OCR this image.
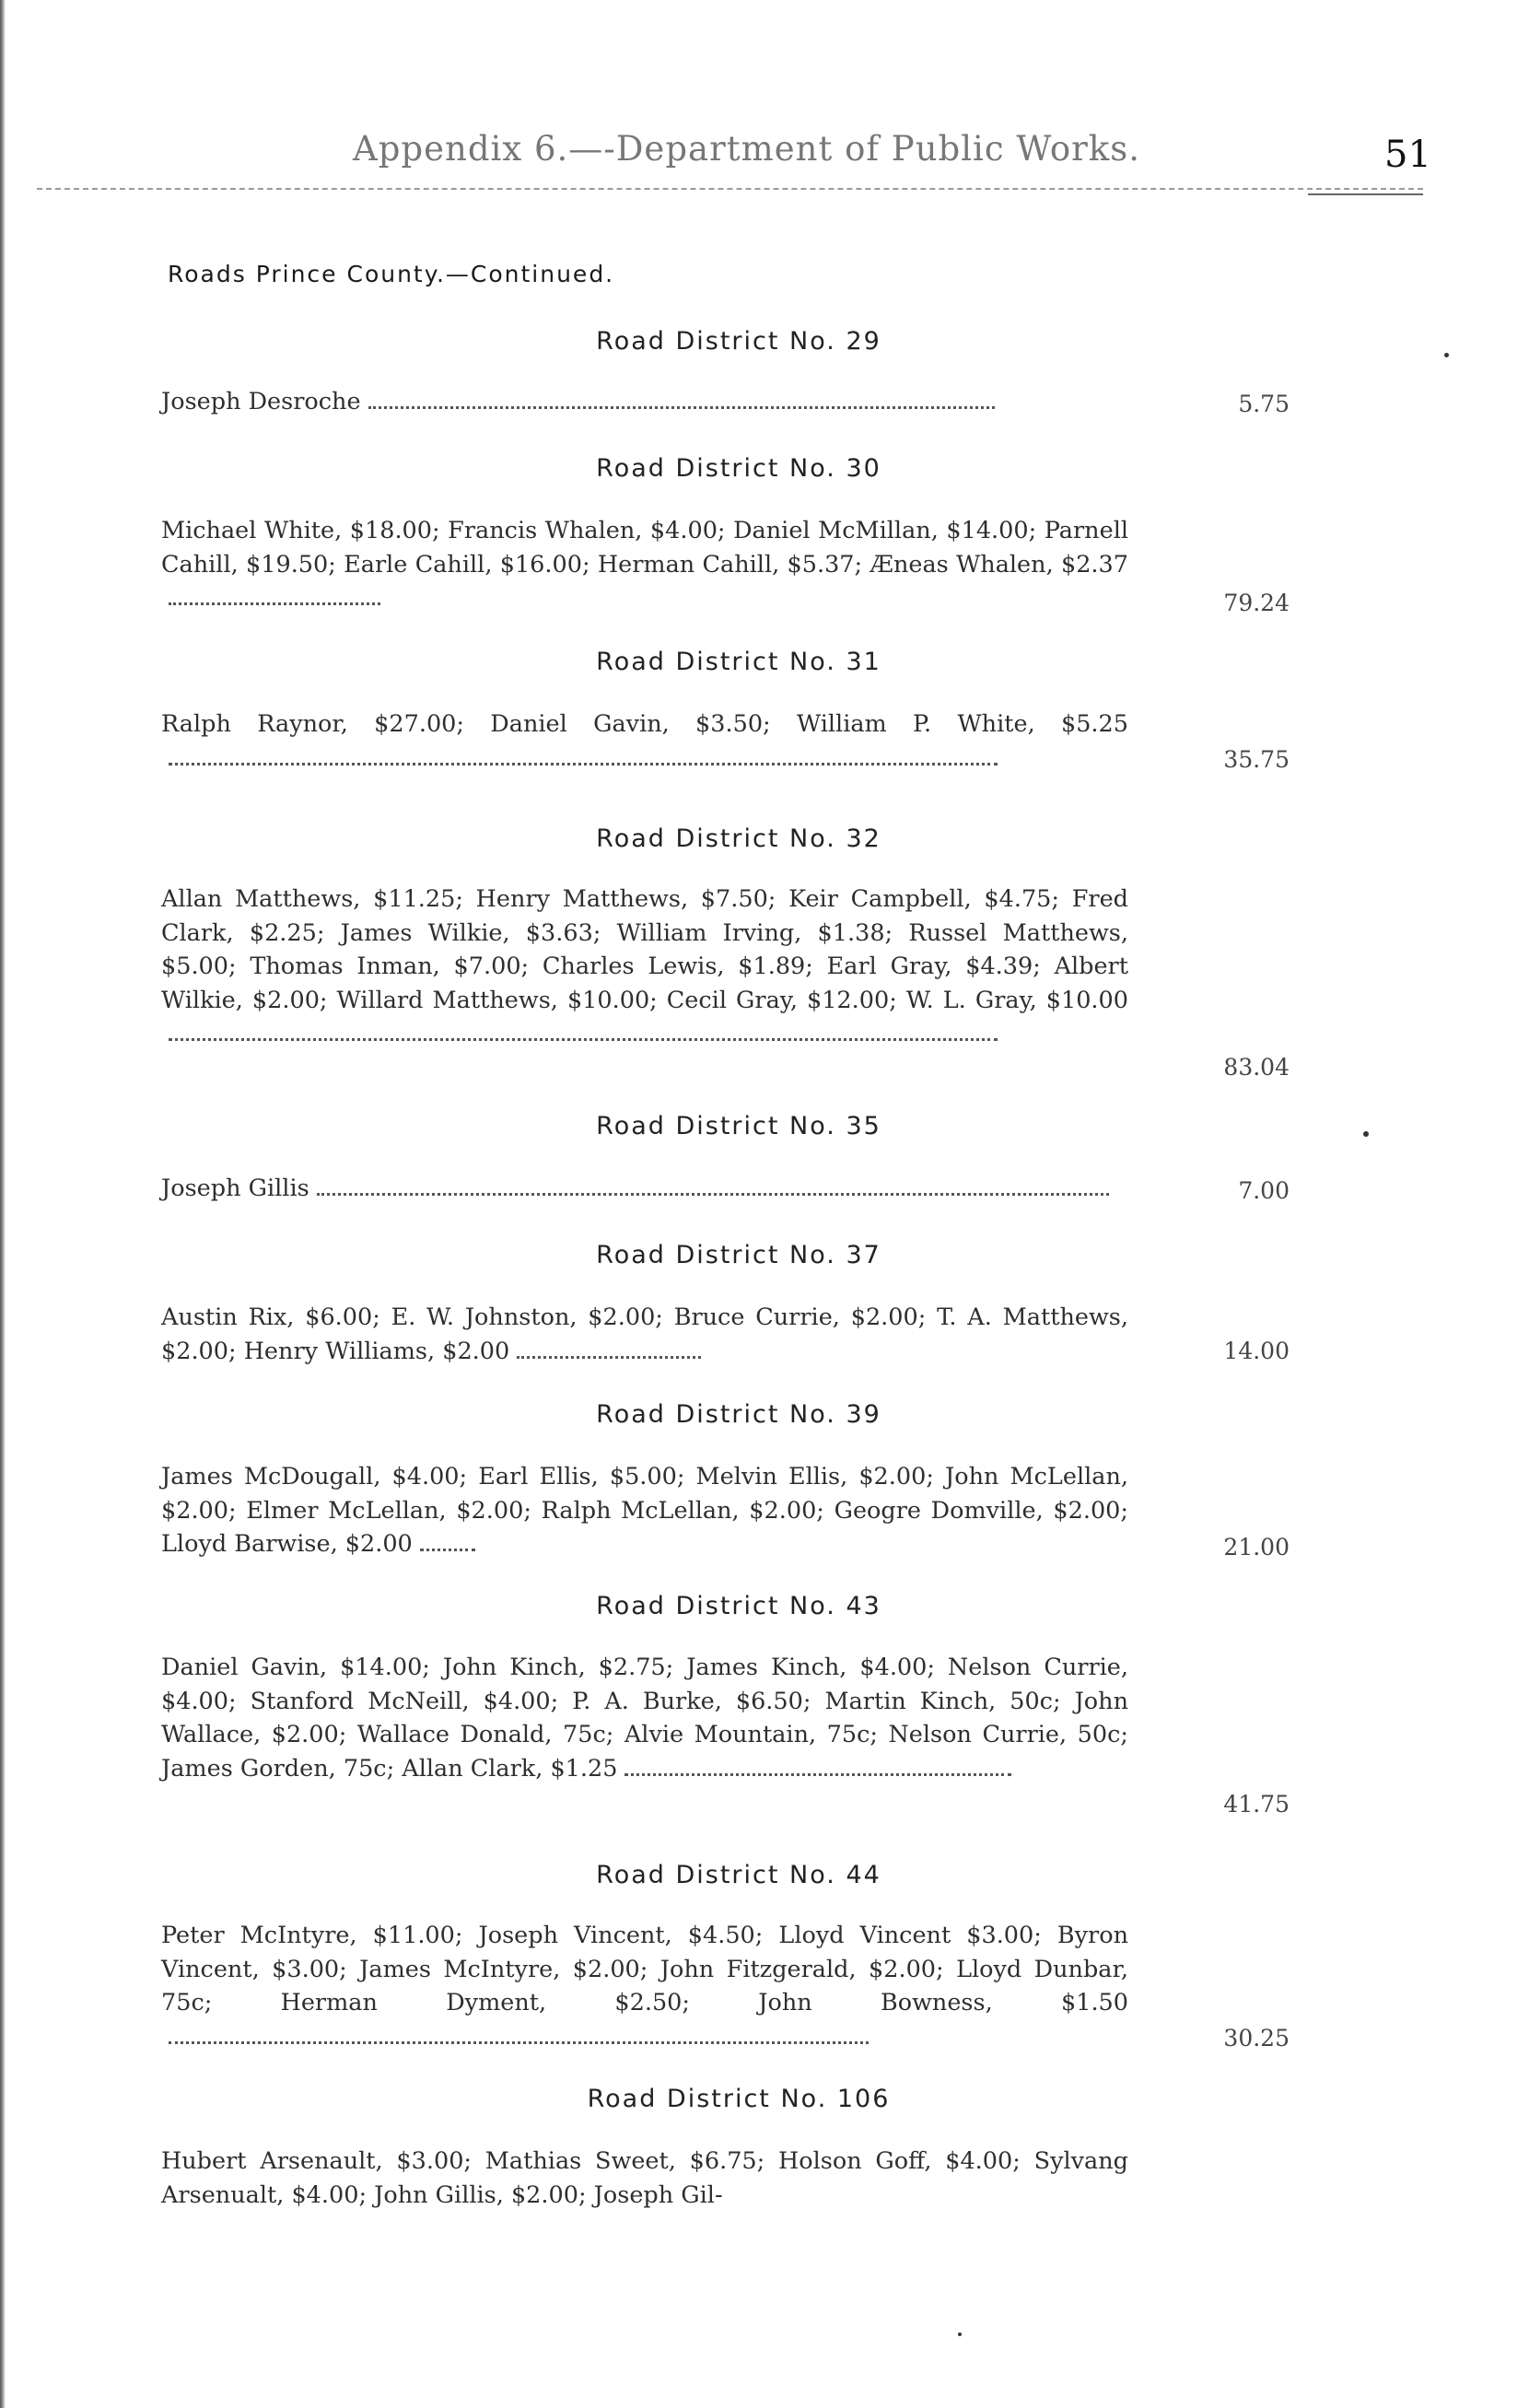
Appendix 6.—-Department of Public Works.	51
Roads Prince County.—Continued.
Road District No. 29
Joseph Desroche	5.75
Road District No. 30
Michael White, $18.00; Francis Whalen, $4.00; Daniel McMillan, $14.00; Parnell Cahill, $19.50; Earle Cahill, $16.00; Herman Cahill, $5.37; Æneas Whalen, $2.37
79.24
Road District No. 31
Ralph Raynor, $27.00; Daniel Gavin, $3.50; William P. White, $5.25
35.75
Road District No. 32
Allan Matthews, $11.25; Henry Matthews, $7.50; Keir Campbell, $4.75; Fred Clark, $2.25; James Wilkie, $3.63; William Irving, $1.38; Russel Matthews, $5.00; Thomas Inman, $7.00; Charles Lewis, $1.89; Earl Gray, $4.39; Albert Wilkie, $2.00; Willard Matthews, $10.00; Cecil Gray, $12.00; W. L. Gray, $10.00
83.04
Road District No. 35
Joseph Gillis	7.00
Road District No. 37
Austin Rix, $6.00; E. W. Johnston, $2.00; Bruce Currie, $2.00; T. A. Matthews, $2.00; Henry Williams, $2.00	14.00
Road District No. 39
James McDougall, $4.00; Earl Ellis, $5.00; Melvin Ellis, $2.00; John McLellan, $2.00; Elmer McLellan, $2.00; Ralph McLellan, $2.00; Geogre Domville, $2.00; Lloyd Barwise, $2.00	21.00
Road District No. 43
Daniel Gavin, $14.00; John Kinch, $2.75; James Kinch, $4.00; Nelson Currie, $4.00; Stanford McNeill, $4.00; P. A. Burke, $6.50; Martin Kinch, 50c; John Wallace, $2.00; Wallace Donald, 75c; Alvie Mountain, 75c; Nelson Currie, 50c; James Gorden, 75c; Allan Clark, $1.25
41.75
Road District No. 44
Peter McIntyre, $11.00; Joseph Vincent, $4.50; Lloyd Vincent $3.00; Byron Vincent, $3.00; James McIntyre, $2.00; John Fitzgerald, $2.00; Lloyd Dunbar, 75c; Herman Dyment, $2.50; John Bowness, $1.50
30.25
Road District No. 106
Hubert Arsenault, $3.00; Mathias Sweet, $6.75; Holson Goff, $4.00; Sylvang Arsenualt, $4.00; John Gillis, $2.00; Joseph Gil-
